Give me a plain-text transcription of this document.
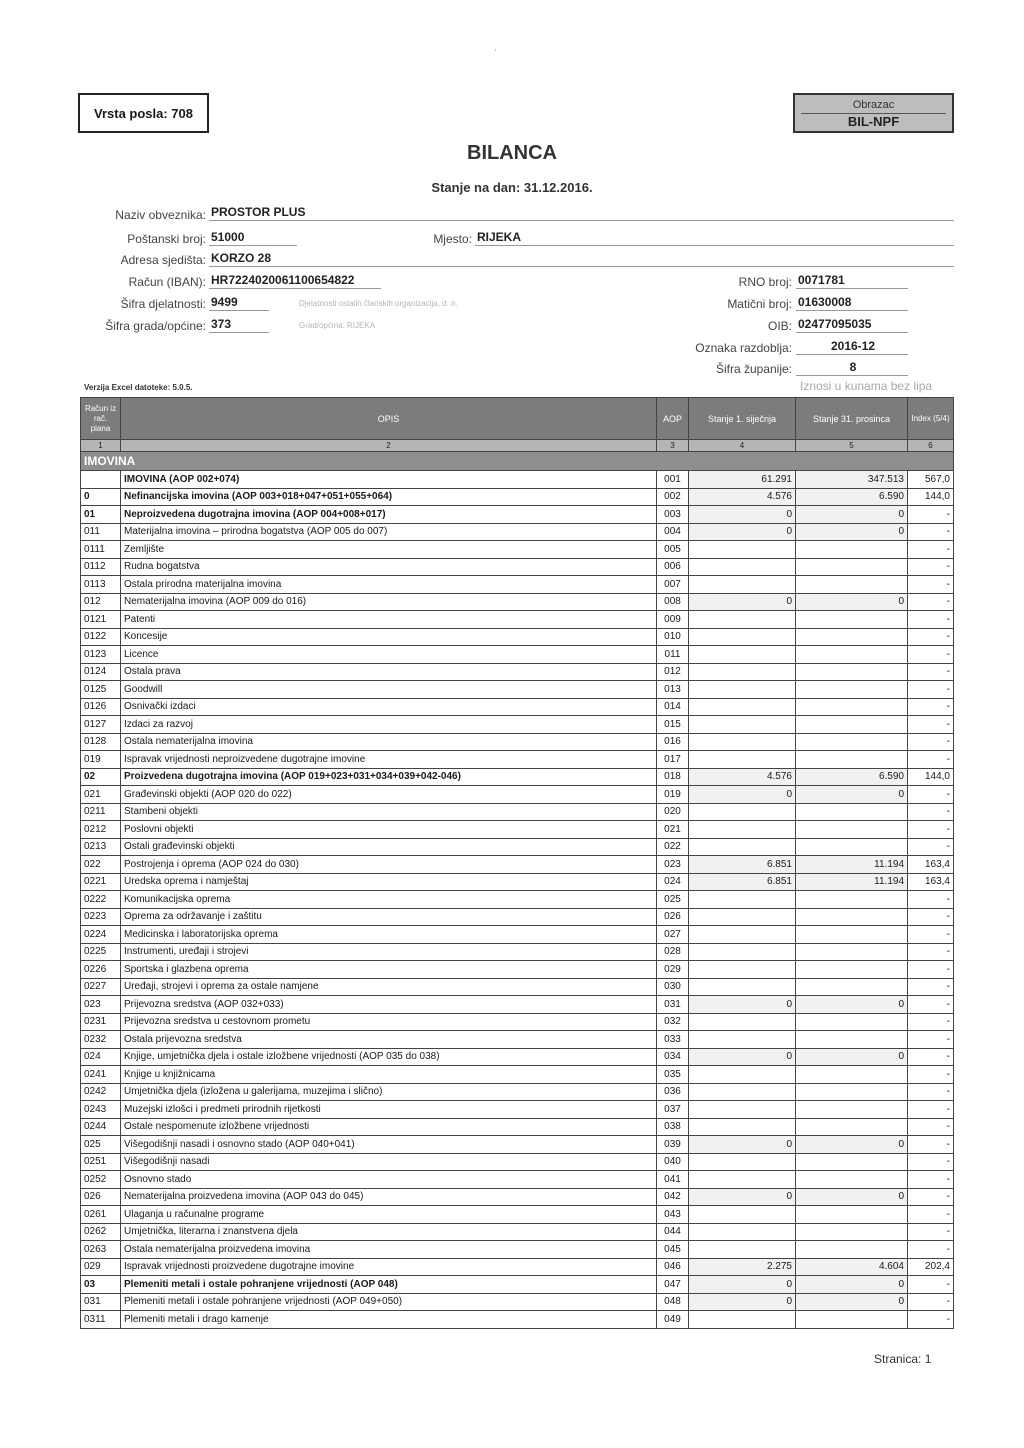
ˌ
Vrsta posla: 708
Obrazac
BIL-NPF
BILANCA
Stanje na dan: 31.12.2016.
Naziv obveznika: PROSTOR PLUS
Poštanski broj: 51000	Mjesto: RIJEKA
Adresa sjedišta: KORZO 28
Račun (IBAN): HR7224020061100654822
Šifra djelatnosti: 9499	Djelatnosti ostalih članskih organizacija, d. n.
Šifra grada/općine: 373	Grad/općina: RIJEKA
RNO broj: 0071781
Matični broj: 01630008
OIB: 02477095035
Oznaka razdoblja:	2016-12
Šifra županije:	8
Verzija Excel datoteke: 5.0.5.	Iznosi u kunama bez lipa
Račun iz rač. plana	OPIS	AOP	Stanje 1. siječnja	Stanje 31. prosinca	Index (5/4)
1	2	3	4	5	6
IMOVINA					
	IMOVINA (AOP 002+074)	001	61.291	347.513	567,0
0	Nefinancijska imovina (AOP 003+018+047+051+055+064)	002	4.576	6.590	144,0
01	Neproizvedena dugotrajna imovina (AOP 004+008+017)	003	0	0	-
011	Materijalna imovina – prirodna bogatstva (AOP 005 do 007)	004	0	0	-
0111	Zemljište	005			-
0112	Rudna bogatstva	006			-
0113	Ostala prirodna materijalna imovina	007			-
012	Nematerijalna imovina (AOP 009 do 016)	008	0	0	-
0121	Patenti	009			-
0122	Koncesije	010			-
0123	Licence	011			-
0124	Ostala prava	012			-
0125	Goodwill	013			-
0126	Osnivački izdaci	014			-
0127	Izdaci za razvoj	015			-
0128	Ostala nematerijalna imovina	016			-
019	Ispravak vrijednosti neproizvedene dugotrajne imovine	017			-
02	Proizvedena dugotrajna imovina (AOP 019+023+031+034+039+042-046)	018	4.576	6.590	144,0
021	Građevinski objekti (AOP 020 do 022)	019	0	0	-
0211	Stambeni objekti	020			-
0212	Poslovni objekti	021			-
0213	Ostali građevinski objekti	022			-
022	Postrojenja i oprema (AOP 024 do 030)	023	6.851	11.194	163,4
0221	Uredska oprema i namještaj	024	6.851	11.194	163,4
0222	Komunikacijska oprema	025			-
0223	Oprema za održavanje i zaštitu	026			-
0224	Medicinska i laboratorijska oprema	027			-
0225	Instrumenti, uređaji i strojevi	028			-
0226	Sportska i glazbena oprema	029			-
0227	Uređaji, strojevi i oprema za ostale namjene	030			-
023	Prijevozna sredstva (AOP 032+033)	031	0	0	-
0231	Prijevozna sredstva u cestovnom prometu	032			-
0232	Ostala prijevozna sredstva	033			-
024	Knjige, umjetnička djela i ostale izložbene vrijednosti (AOP 035 do 038)	034	0	0	-
0241	Knjige u knjižnicama	035			-
0242	Umjetnička djela (izložena u galerijama, muzejima i slično)	036			-
0243	Muzejski izlošci i predmeti prirodnih rijetkosti	037			-
0244	Ostale nespomenute izložbene vrijednosti	038			-
025	Višegodišnji nasadi i osnovno stado (AOP 040+041)	039	0	0	-
0251	Višegodišnji nasadi	040			-
0252	Osnovno stado	041			-
026	Nematerijalna proizvedena imovina (AOP 043 do 045)	042	0	0	-
0261	Ulaganja u računalne programe	043			-
0262	Umjetnička, literarna i znanstvena djela	044			-
0263	Ostala nematerijalna proizvedena imovina	045			-
029	Ispravak vrijednosti proizvedene dugotrajne imovine	046	2.275	4.604	202,4
03	Plemeniti metali i ostale pohranjene vrijednosti (AOP 048)	047	0	0	-
031	Plemeniti metali i ostale pohranjene vrijednosti (AOP 049+050)	048	0	0	-
0311	Plemeniti metali i drago kamenje	049			-
Stranica: 1
